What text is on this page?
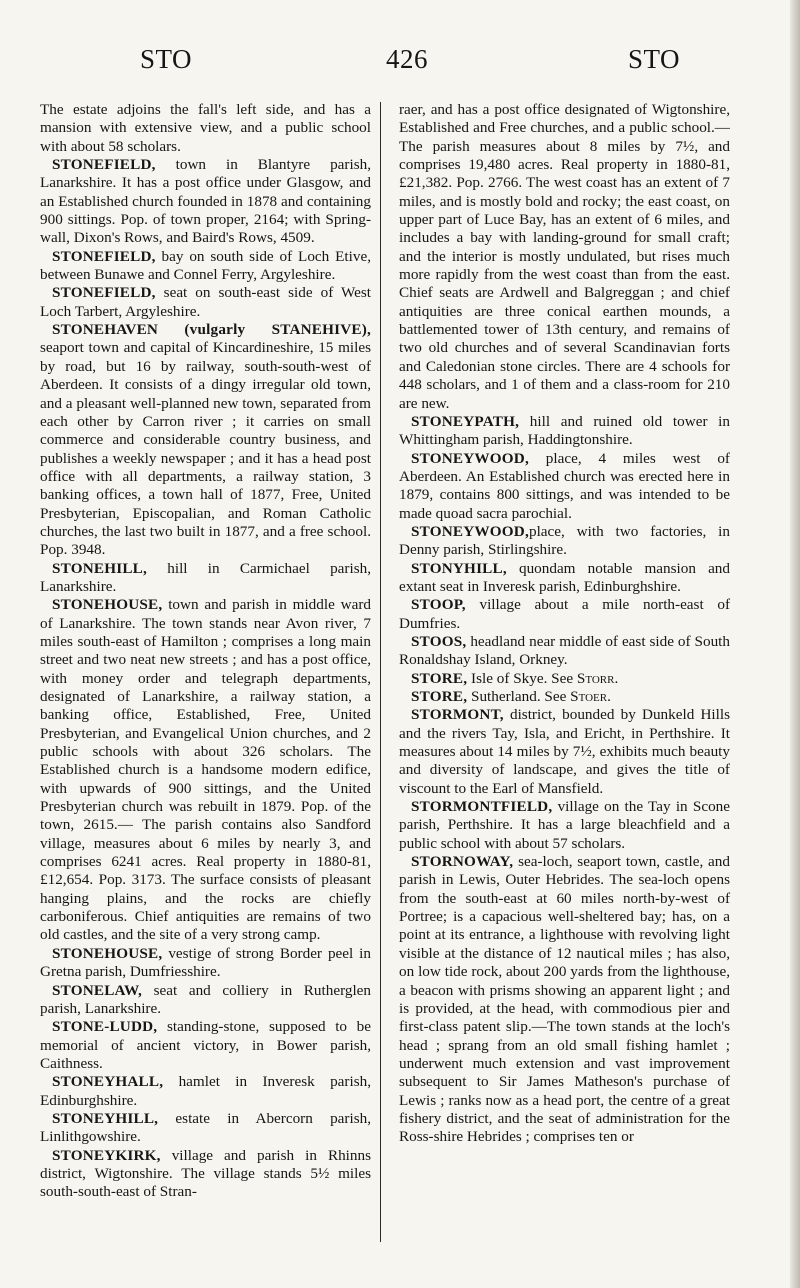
STO	426	STO

The estate adjoins the fall's left side, and has a mansion with extensive view, and a public school with about 58 scholars.

STONEFIELD, town in Blantyre parish, Lanarkshire. It has a post office under Glasgow, and an Established church founded in 1878 and containing 900 sittings. Pop. of town proper, 2164; with Spring-wall, Dixon's Rows, and Baird's Rows, 4509.

STONEFIELD, bay on south side of Loch Etive, between Bunawe and Connel Ferry, Argyleshire.

STONEFIELD, seat on south-east side of West Loch Tarbert, Argyleshire.

STONEHAVEN (vulgarly STANEHIVE), seaport town and capital of Kincardineshire, 15 miles by road, but 16 by railway, south-south-west of Aberdeen. It consists of a dingy irregular old town, and a pleasant well-planned new town, separated from each other by Carron river ; it carries on small commerce and considerable country business, and publishes a weekly newspaper ; and it has a head post office with all departments, a railway station, 3 banking offices, a town hall of 1877, Free, United Presbyterian, Episcopalian, and Roman Catholic churches, the last two built in 1877, and a free school. Pop. 3948.

STONEHILL, hill in Carmichael parish, Lanarkshire.

STONEHOUSE, town and parish in middle ward of Lanarkshire. The town stands near Avon river, 7 miles south-east of Hamilton ; comprises a long main street and two neat new streets ; and has a post office, with money order and telegraph departments, designated of Lanarkshire, a railway station, a banking office, Established, Free, United Presbyterian, and Evangelical Union churches, and 2 public schools with about 326 scholars. The Established church is a handsome modern edifice, with upwards of 900 sittings, and the United Presbyterian church was rebuilt in 1879. Pop. of the town, 2615.— The parish contains also Sandford village, measures about 6 miles by nearly 3, and comprises 6241 acres. Real property in 1880-81, £12,654. Pop. 3173. The surface consists of pleasant hanging plains, and the rocks are chiefly carboniferous. Chief antiquities are remains of two old castles, and the site of a very strong camp.

STONEHOUSE, vestige of strong Border peel in Gretna parish, Dumfriesshire.

STONELAW, seat and colliery in Rutherglen parish, Lanarkshire.

STONE-LUDD, standing-stone, supposed to be memorial of ancient victory, in Bower parish, Caithness.

STONEYHALL, hamlet in Inveresk parish, Edinburghshire.

STONEYHILL, estate in Abercorn parish, Linlithgowshire.

STONEYKIRK, village and parish in Rhinns district, Wigtonshire. The village stands 5½ miles south-south-east of Stran-

raer, and has a post office designated of Wigtonshire, Established and Free churches, and a public school.—The parish measures about 8 miles by 7½, and comprises 19,480 acres. Real property in 1880-81, £21,382. Pop. 2766. The west coast has an extent of 7 miles, and is mostly bold and rocky; the east coast, on upper part of Luce Bay, has an extent of 6 miles, and includes a bay with landing-ground for small craft; and the interior is mostly undulated, but rises much more rapidly from the west coast than from the east. Chief seats are Ardwell and Balgreggan ; and chief antiquities are three conical earthen mounds, a battlemented tower of 13th century, and remains of two old churches and of several Scandinavian forts and Caledonian stone circles. There are 4 schools for 448 scholars, and 1 of them and a class-room for 210 are new.

STONEYPATH, hill and ruined old tower in Whittingham parish, Haddingtonshire.

STONEYWOOD, place, 4 miles west of Aberdeen. An Established church was erected here in 1879, contains 800 sittings, and was intended to be made quoad sacra parochial.

STONEYWOOD,place, with two factories, in Denny parish, Stirlingshire.

STONYHILL, quondam notable mansion and extant seat in Inveresk parish, Edinburghshire.

STOOP, village about a mile north-east of Dumfries.

STOOS, headland near middle of east side of South Ronaldshay Island, Orkney.

STORE, Isle of Skye. See Storr.

STORE, Sutherland. See Stoer.

STORMONT, district, bounded by Dunkeld Hills and the rivers Tay, Isla, and Ericht, in Perthshire. It measures about 14 miles by 7½, exhibits much beauty and diversity of landscape, and gives the title of viscount to the Earl of Mansfield.

STORMONTFIELD, village on the Tay in Scone parish, Perthshire. It has a large bleachfield and a public school with about 57 scholars.

STORNOWAY, sea-loch, seaport town, castle, and parish in Lewis, Outer Hebrides. The sea-loch opens from the south-east at 60 miles north-by-west of Portree; is a capacious well-sheltered bay; has, on a point at its entrance, a lighthouse with revolving light visible at the distance of 12 nautical miles ; has also, on low tide rock, about 200 yards from the lighthouse, a beacon with prisms showing an apparent light ; and is provided, at the head, with commodious pier and first-class patent slip.—The town stands at the loch's head ; sprang from an old small fishing hamlet ; underwent much extension and vast improvement subsequent to Sir James Matheson's purchase of Lewis ; ranks now as a head port, the centre of a great fishery district, and the seat of administration for the Ross-shire Hebrides ; comprises ten or
